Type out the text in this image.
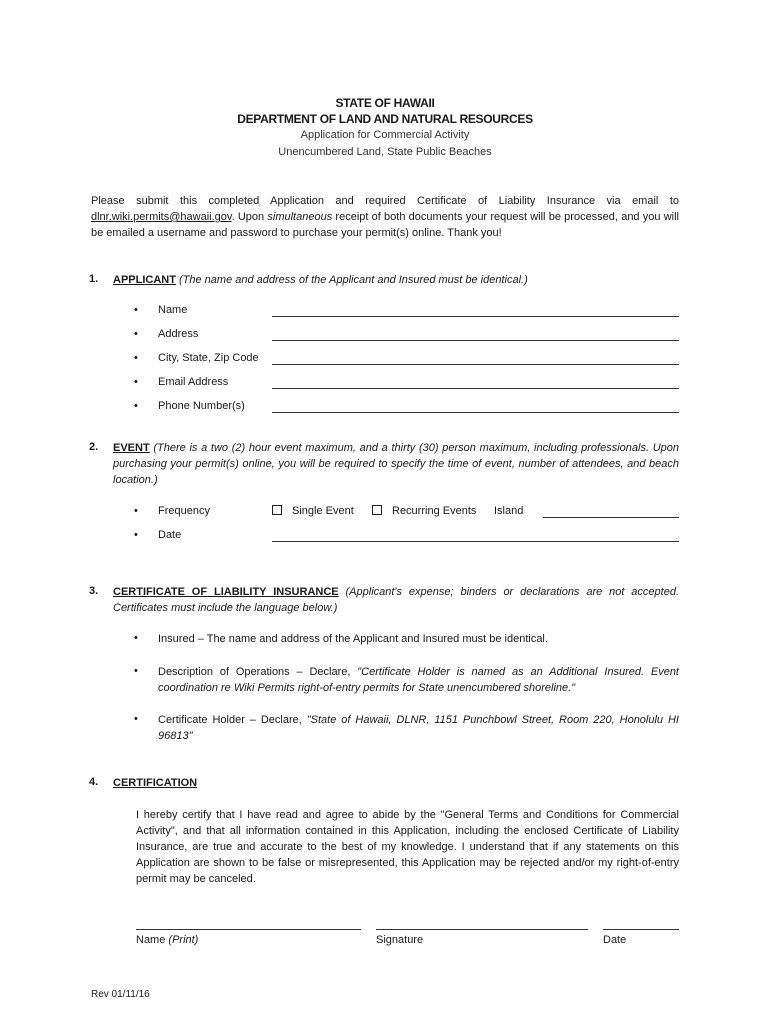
STATE OF HAWAII
DEPARTMENT OF LAND AND NATURAL RESOURCES
Application for Commercial Activity
Unencumbered Land, State Public Beaches
Please submit this completed Application and required Certificate of Liability Insurance via email to dlnr.wiki.permits@hawaii.gov. Upon simultaneous receipt of both documents your request will be processed, and you will be emailed a username and password to purchase your permit(s) online. Thank you!
1. APPLICANT (The name and address of the Applicant and Insured must be identical.)
• Name
• Address
• City, State, Zip Code
• Email Address
• Phone Number(s)
2. EVENT (There is a two (2) hour event maximum, and a thirty (30) person maximum, including professionals. Upon purchasing your permit(s) online, you will be required to specify the time of event, number of attendees, and beach location.)
• Frequency	Single Event	Recurring Events Island
• Date
3. CERTIFICATE OF LIABILITY INSURANCE (Applicant's expense; binders or declarations are not accepted. Certificates must include the language below.)
• Insured – The name and address of the Applicant and Insured must be identical.
• Description of Operations – Declare, "Certificate Holder is named as an Additional Insured. Event coordination re Wiki Permits right-of-entry permits for State unencumbered shoreline."
• Certificate Holder – Declare, "State of Hawaii, DLNR, 1151 Punchbowl Street, Room 220, Honolulu HI 96813"
4. CERTIFICATION
I hereby certify that I have read and agree to abide by the "General Terms and Conditions for Commercial Activity", and that all information contained in this Application, including the enclosed Certificate of Liability Insurance, are true and accurate to the best of my knowledge. I understand that if any statements on this Application are shown to be false or misrepresented, this Application may be rejected and/or my right-of-entry permit may be canceled.
Name (Print)	Signature	Date
Rev 01/11/16
